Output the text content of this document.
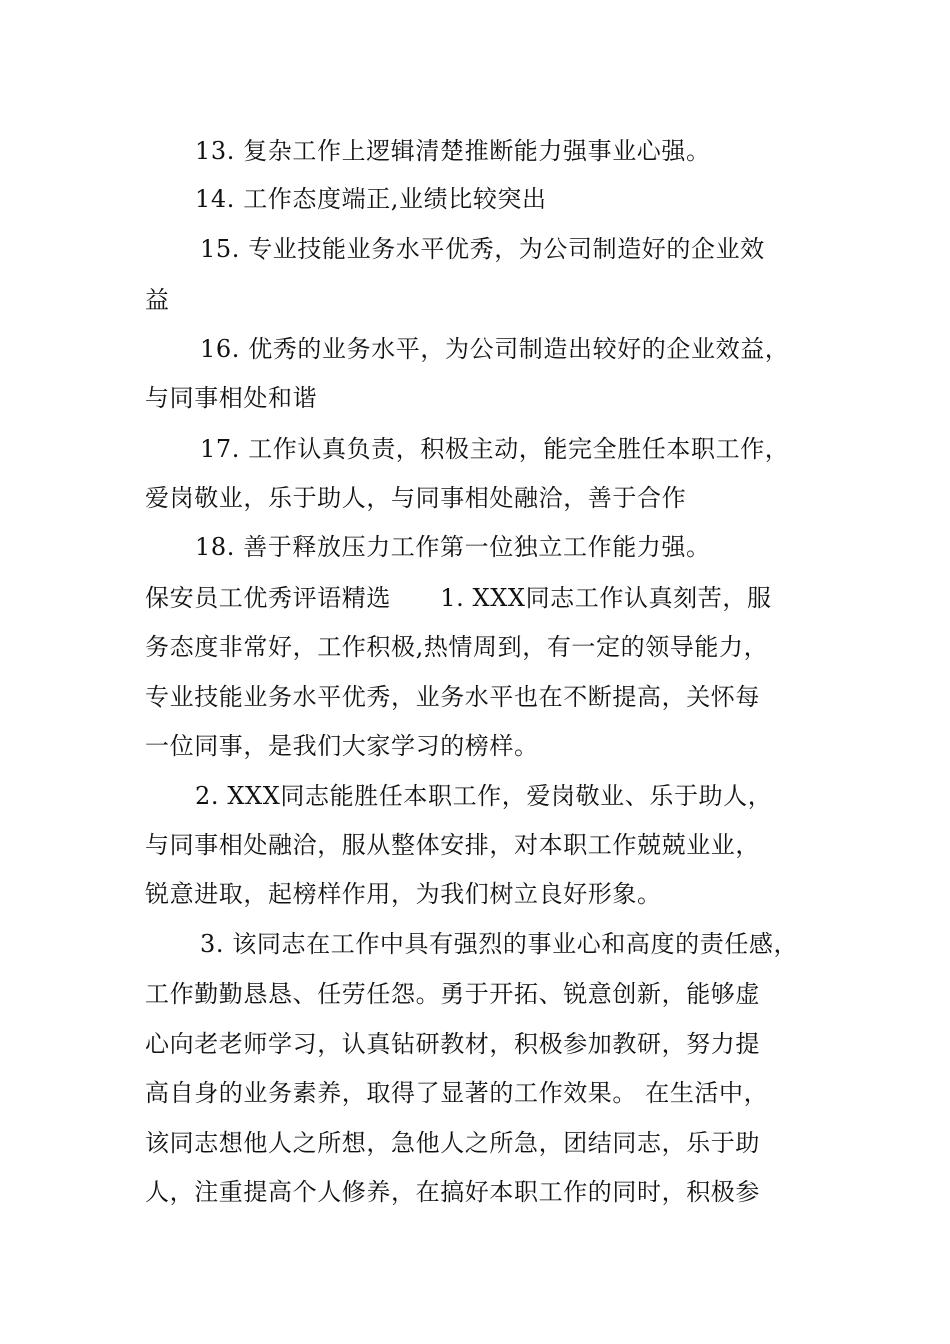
13. 复杂工作上逻辑清楚推断能力强事业心强。
14. 工作态度端正,业绩比较突出
15. 专业技能业务水平优秀，为公司制造好的企业效
益
16. 优秀的业务水平，为公司制造出较好的企业效益，
与同事相处和谐
17. 工作认真负责，积极主动，能完全胜任本职工作，
爱岗敬业，乐于助人，与同事相处融洽，善于合作
18. 善于释放压力工作第一位独立工作能力强。
保安员工优秀评语精选　　1. XXX同志工作认真刻苦，服
务态度非常好，工作积极,热情周到，有一定的领导能力，
专业技能业务水平优秀，业务水平也在不断提高，关怀每
一位同事，是我们大家学习的榜样。
2. XXX同志能胜任本职工作，爱岗敬业、乐于助人，
与同事相处融洽，服从整体安排，对本职工作兢兢业业，
锐意进取，起榜样作用，为我们树立良好形象。
3. 该同志在工作中具有强烈的事业心和高度的责任感，
工作勤勤恳恳、任劳任怨。勇于开拓、锐意创新，能够虚
心向老老师学习，认真钻研教材，积极参加教研，努力提
高自身的业务素养，取得了显著的工作效果。 在生活中，
该同志想他人之所想，急他人之所急，团结同志，乐于助
人，注重提高个人修养，在搞好本职工作的同时，积极参
